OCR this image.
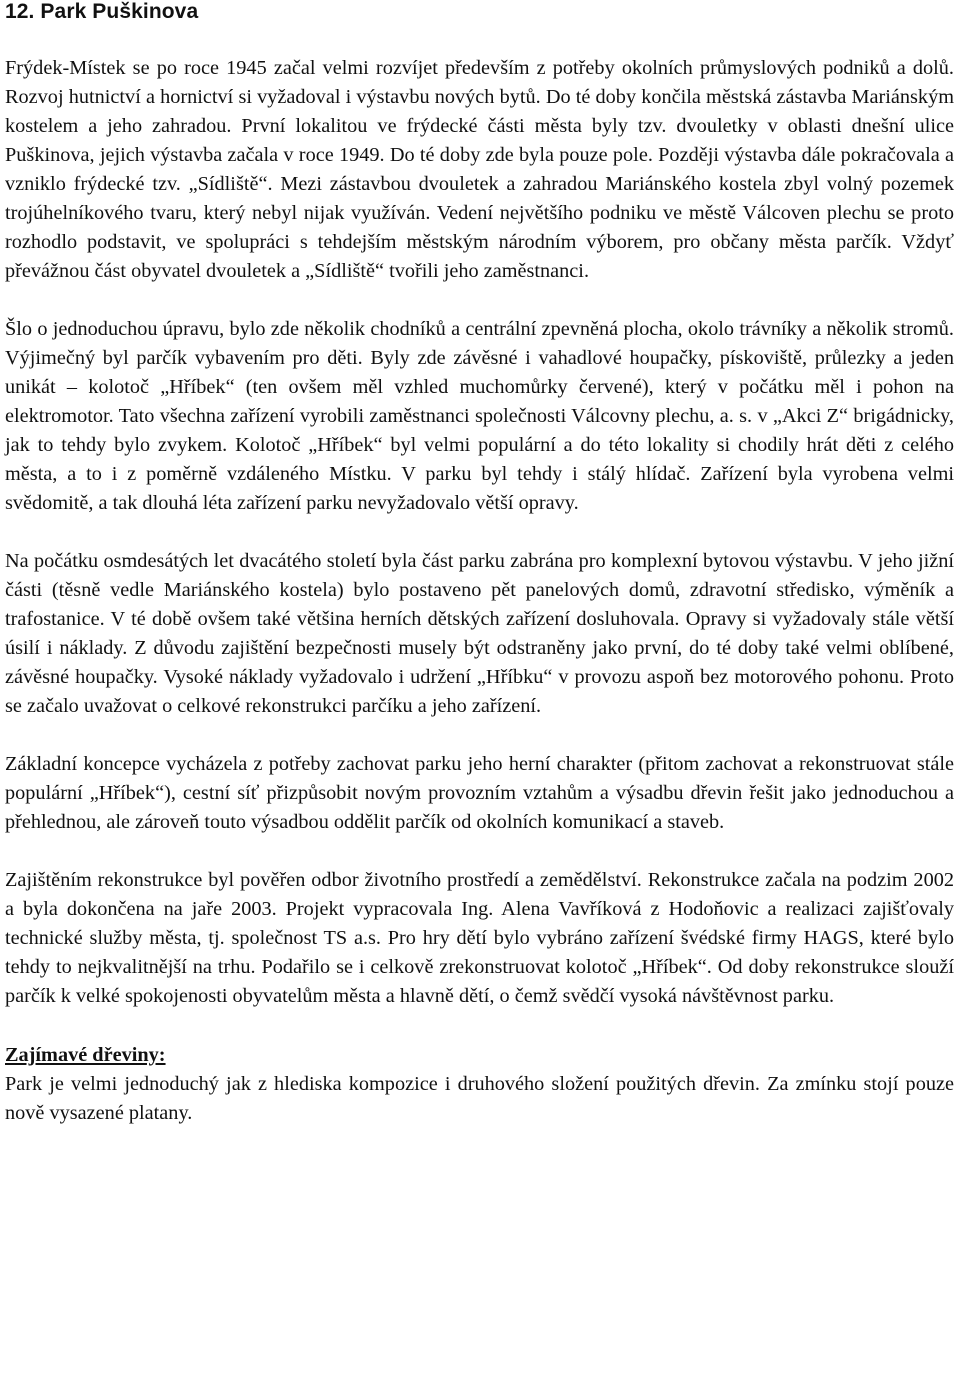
12. Park Puškinova

Frýdek-Místek se po roce 1945 začal velmi rozvíjet především z potřeby okolních průmyslových podniků a dolů. Rozvoj hutnictví a hornictví si vyžadoval i výstavbu nových bytů. Do té doby končila městská zástavba Mariánským kostelem a jeho zahradou. První lokalitou ve frýdecké části města byly tzv. dvouletky v oblasti dnešní ulice Puškinova, jejich výstavba začala v roce 1949. Do té doby zde byla pouze pole. Později výstavba dále pokračovala a vzniklo frýdecké tzv. „Sídliště“. Mezi zástavbou dvouletek a zahradou Mariánského kostela zbyl volný pozemek trojúhelníkového tvaru, který nebyl nijak využíván. Vedení největšího podniku ve městě Válcoven plechu se proto rozhodlo podstavit, ve spolupráci s tehdejším městským národním výborem, pro občany města parčík. Vždyť převážnou část obyvatel dvouletek a „Sídliště“ tvořili jeho zaměstnanci.

Šlo o jednoduchou úpravu, bylo zde několik chodníků a centrální zpevněná plocha, okolo trávníky a několik stromů. Výjimečný byl parčík vybavením pro děti. Byly zde závěsné i vahadlové houpačky, pískoviště, průlezky a jeden unikát – kolotoč „Hříbek“ (ten ovšem měl vzhled muchomůrky červené), který v počátku měl i pohon na elektromotor. Tato všechna zařízení vyrobili zaměstnanci společnosti Válcovny plechu, a. s. v „Akci Z“ brigádnicky, jak to tehdy bylo zvykem. Kolotoč „Hříbek“ byl velmi populární a do této lokality si chodily hrát děti z celého města, a to i z poměrně vzdáleného Místku. V parku byl tehdy i stálý hlídač. Zařízení byla vyrobena velmi svědomitě, a tak dlouhá léta zařízení parku nevyžadovalo větší opravy.

Na počátku osmdesátých let dvacátého století byla část parku zabrána pro komplexní bytovou výstavbu. V jeho jižní části (těsně vedle Mariánského kostela) bylo postaveno pět panelových domů, zdravotní středisko, výměník a trafostanice. V té době ovšem také většina herních dětských zařízení dosluhovala. Opravy si vyžadovaly stále větší úsilí i náklady. Z důvodu zajištění bezpečnosti musely být odstraněny jako první, do té doby také velmi oblíbené, závěsné houpačky. Vysoké náklady vyžadovalo i udržení „Hříbku“ v provozu aspoň bez motorového pohonu. Proto se začalo uvažovat o celkové rekonstrukci parčíku a jeho zařízení.

Základní koncepce vycházela z potřeby zachovat parku jeho herní charakter (přitom zachovat a rekonstruovat stále populární „Hříbek“), cestní síť přizpůsobit novým provozním vztahům a výsadbu dřevin řešit jako jednoduchou a přehlednou, ale zároveň touto výsadbou oddělit parčík od okolních komunikací a staveb.

Zajištěním rekonstrukce byl pověřen odbor životního prostředí a zemědělství. Rekonstrukce začala na podzim 2002 a byla dokončena na jaře 2003. Projekt vypracovala Ing. Alena Vavříková z Hodoňovic a realizaci zajišťovaly technické služby města, tj. společnost TS a.s. Pro hry dětí bylo vybráno zařízení švédské firmy HAGS, které bylo tehdy to nejkvalitnější na trhu. Podařilo se i celkově zrekonstruovat kolotoč „Hříbek“. Od doby rekonstrukce slouží parčík k velké spokojenosti obyvatelům města a hlavně dětí, o čemž svědčí vysoká návštěvnost parku.

Zajímavé dřeviny:

Park je velmi jednoduchý jak z hlediska kompozice i druhového složení použitých dřevin. Za zmínku stojí pouze nově vysazené platany.
